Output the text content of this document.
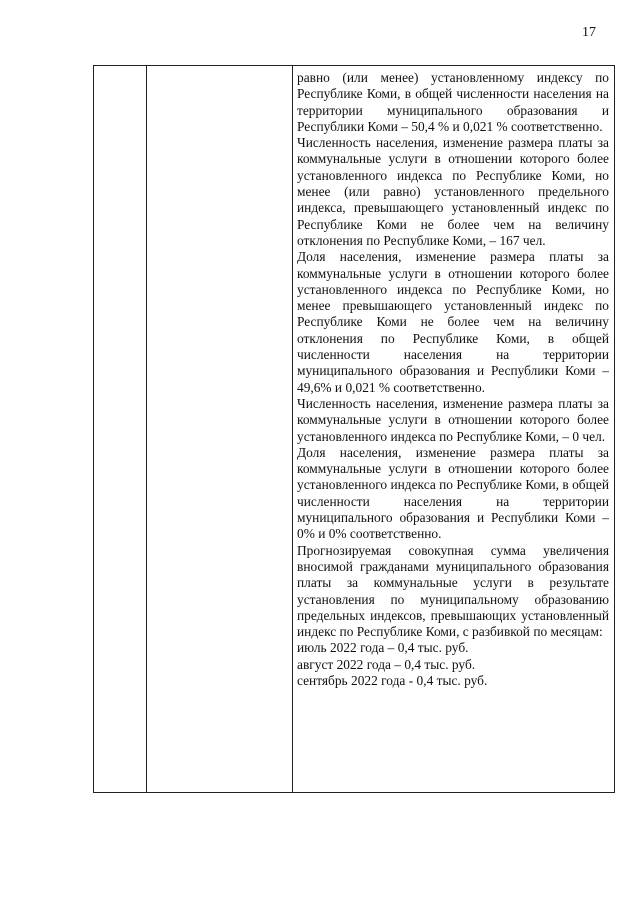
17

равно (или менее) установленному индексу по Республике Коми, в общей численности населения на территории муниципального образования и Республики Коми – 50,4 % и 0,021 % соответственно.

Численность населения, изменение размера платы за коммунальные услуги в отношении которого более установленного индекса по Республике Коми, но менее (или равно) установленного предельного индекса, превышающего установленный индекс по Республике Коми не более чем на величину отклонения по Республике Коми, – 167 чел.

Доля населения, изменение размера платы за коммунальные услуги в отношении которого более установленного индекса по Республике Коми, но менее превышающего установленный индекс по Республике Коми не более чем на величину отклонения по Республике Коми, в общей численности населения на территории муниципального образования и Республики Коми – 49,6% и 0,021 % соответственно.

Численность населения, изменение размера платы за коммунальные услуги в отношении которого более установленного индекса по Республике Коми, – 0 чел.

Доля населения, изменение размера платы за коммунальные услуги в отношении которого более установленного индекса по Республике Коми, в общей численности населения на территории муниципального образования и Республики Коми – 0% и 0% соответственно.

Прогнозируемая совокупная сумма увеличения вносимой гражданами муниципального образования платы за коммунальные услуги в результате установления по муниципальному образованию предельных индексов, превышающих установленный индекс по Республике Коми, с разбивкой по месяцам:

июль 2022 года – 0,4 тыс. руб.
август 2022 года – 0,4 тыс. руб.
сентябрь 2022 года - 0,4 тыс. руб.
